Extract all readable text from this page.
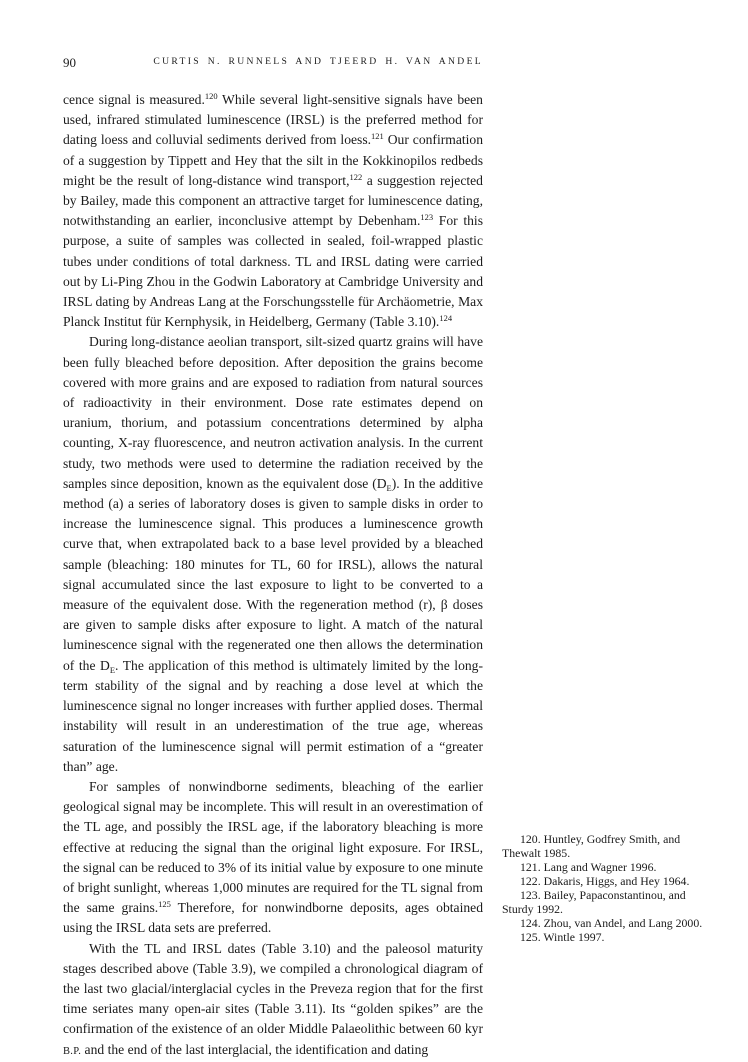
90	CURTIS N. RUNNELS AND TJEERD H. VAN ANDEL

cence signal is measured.$^{120}$ While several light-sensitive signals have been used, infrared stimulated luminescence (IRSL) is the preferred method for dating loess and colluvial sediments derived from loess.$^{121}$ Our confirmation of a suggestion by Tippett and Hey that the silt in the Kokkinopilos redbeds might be the result of long-distance wind transport,$^{122}$ a suggestion rejected by Bailey, made this component an attractive target for luminescence dating, notwithstanding an earlier, inconclusive attempt by Debenham.$^{123}$ For this purpose, a suite of samples was collected in sealed, foil-wrapped plastic tubes under conditions of total darkness. TL and IRSL dating were carried out by Li-Ping Zhou in the Godwin Laboratory at Cambridge University and IRSL dating by Andreas Lang at the Forschungsstelle für Archäometrie, Max Planck Institut für Kernphysik, in Heidelberg, Germany (Table 3.10).$^{124}$

During long-distance aeolian transport, silt-sized quartz grains will have been fully bleached before deposition. After deposition the grains become covered with more grains and are exposed to radiation from natural sources of radioactivity in their environment. Dose rate estimates depend on uranium, thorium, and potassium concentrations determined by alpha counting, X-ray fluorescence, and neutron activation analysis. In the current study, two methods were used to determine the radiation received by the samples since deposition, known as the equivalent dose $(D_E)$. In the additive method (a) a series of laboratory doses is given to sample disks in order to increase the luminescence signal. This produces a luminescence growth curve that, when extrapolated back to a base level provided by a bleached sample (bleaching: 180 minutes for TL, 60 for IRSL), allows the natural signal accumulated since the last exposure to light to be converted to a measure of the equivalent dose. With the regeneration method (r), β doses are given to sample disks after exposure to light. A match of the natural luminescence signal with the regenerated one then allows the determination of the $D_E$. The application of this method is ultimately limited by the long-term stability of the signal and by reaching a dose level at which the luminescence signal no longer increases with further applied doses. Thermal instability will result in an underestimation of the true age, whereas saturation of the luminescence signal will permit estimation of a “greater than” age.

For samples of nonwindborne sediments, bleaching of the earlier geological signal may be incomplete. This will result in an overestimation of the TL age, and possibly the IRSL age, if the laboratory bleaching is more effective at reducing the signal than the original light exposure. For IRSL, the signal can be reduced to 3% of its initial value by exposure to one minute of bright sunlight, whereas 1,000 minutes are required for the TL signal from the same grains.$^{125}$ Therefore, for nonwindborne deposits, ages obtained using the IRSL data sets are preferred.

With the TL and IRSL dates (Table 3.10) and the paleosol maturity stages described above (Table 3.9), we compiled a chronological diagram of the last two glacial/interglacial cycles in the Preveza region that for the first time seriates many open-air sites (Table 3.11). Its “golden spikes” are the confirmation of the existence of an older Middle Palaeolithic between 60 kyr B.P. and the end of the last interglacial, the identification and dating

120. Huntley, Godfrey Smith, and Thewalt 1985.

121. Lang and Wagner 1996.

122. Dakaris, Higgs, and Hey 1964.

123. Bailey, Papaconstantinou, and Sturdy 1992.

124. Zhou, van Andel, and Lang 2000.

125. Wintle 1997.
